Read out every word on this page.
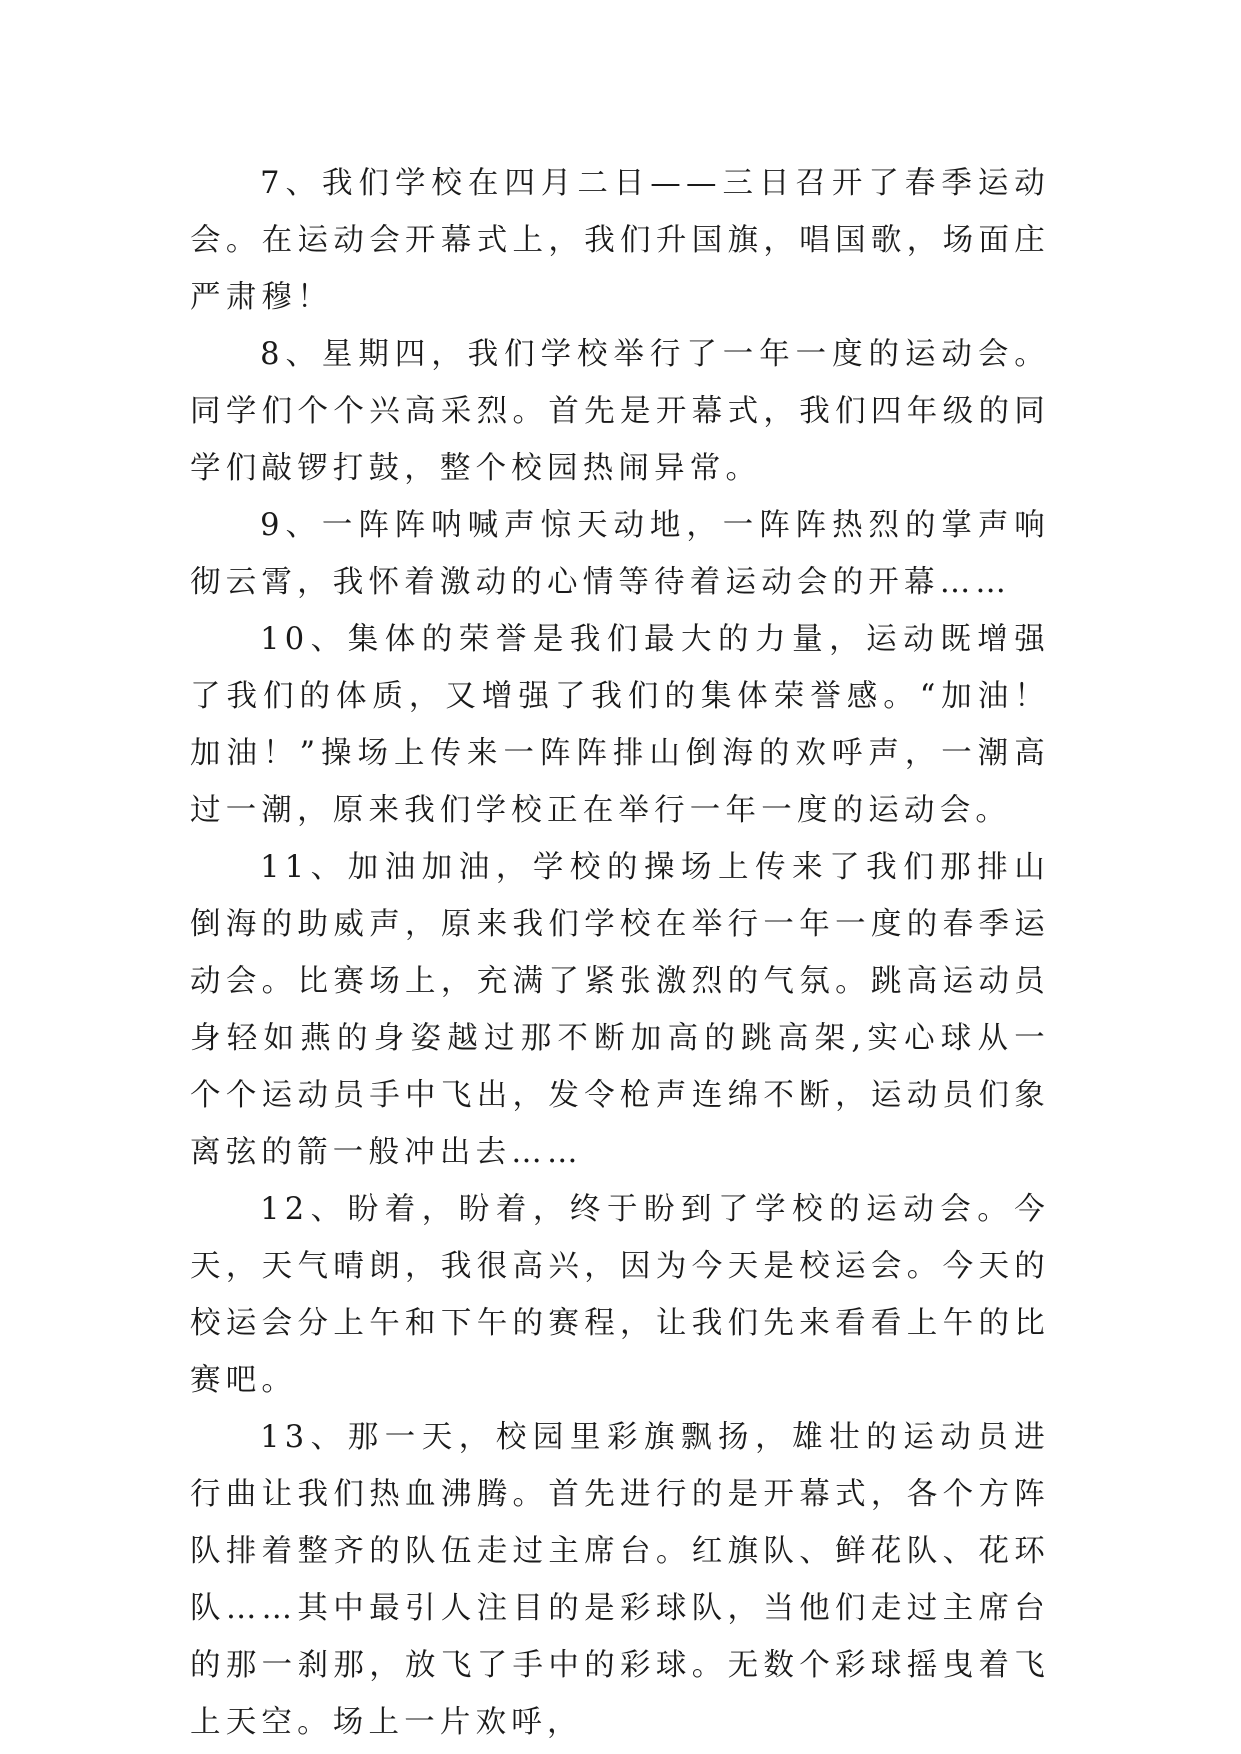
7、我们学校在四月二日——三日召开了春季运动会。在运动会开幕式上，我们升国旗，唱国歌，场面庄严肃穆！

8、星期四，我们学校举行了一年一度的运动会。同学们个个兴高采烈。首先是开幕式，我们四年级的同学们敲锣打鼓，整个校园热闹异常。

9、一阵阵呐喊声惊天动地，一阵阵热烈的掌声响彻云霄，我怀着激动的心情等待着运动会的开幕……

10、集体的荣誉是我们最大的力量，运动既增强了我们的体质，又增强了我们的集体荣誉感。“加油！加油！”操场上传来一阵阵排山倒海的欢呼声，一潮高过一潮，原来我们学校正在举行一年一度的运动会。

11、加油加油，学校的操场上传来了我们那排山倒海的助威声，原来我们学校在举行一年一度的春季运动会。比赛场上，充满了紧张激烈的气氛。跳高运动员身轻如燕的身姿越过那不断加高的跳高架,实心球从一个个运动员手中飞出，发令枪声连绵不断，运动员们象离弦的箭一般冲出去……

12、盼着，盼着，终于盼到了学校的运动会。今天，天气晴朗，我很高兴，因为今天是校运会。今天的校运会分上午和下午的赛程，让我们先来看看上午的比赛吧。

13、那一天，校园里彩旗飘扬，雄壮的运动员进行曲让我们热血沸腾。首先进行的是开幕式，各个方阵队排着整齐的队伍走过主席台。红旗队、鲜花队、花环队……其中最引人注目的是彩球队，当他们走过主席台的那一刹那，放飞了手中的彩球。无数个彩球摇曳着飞上天空。场上一片欢呼，
